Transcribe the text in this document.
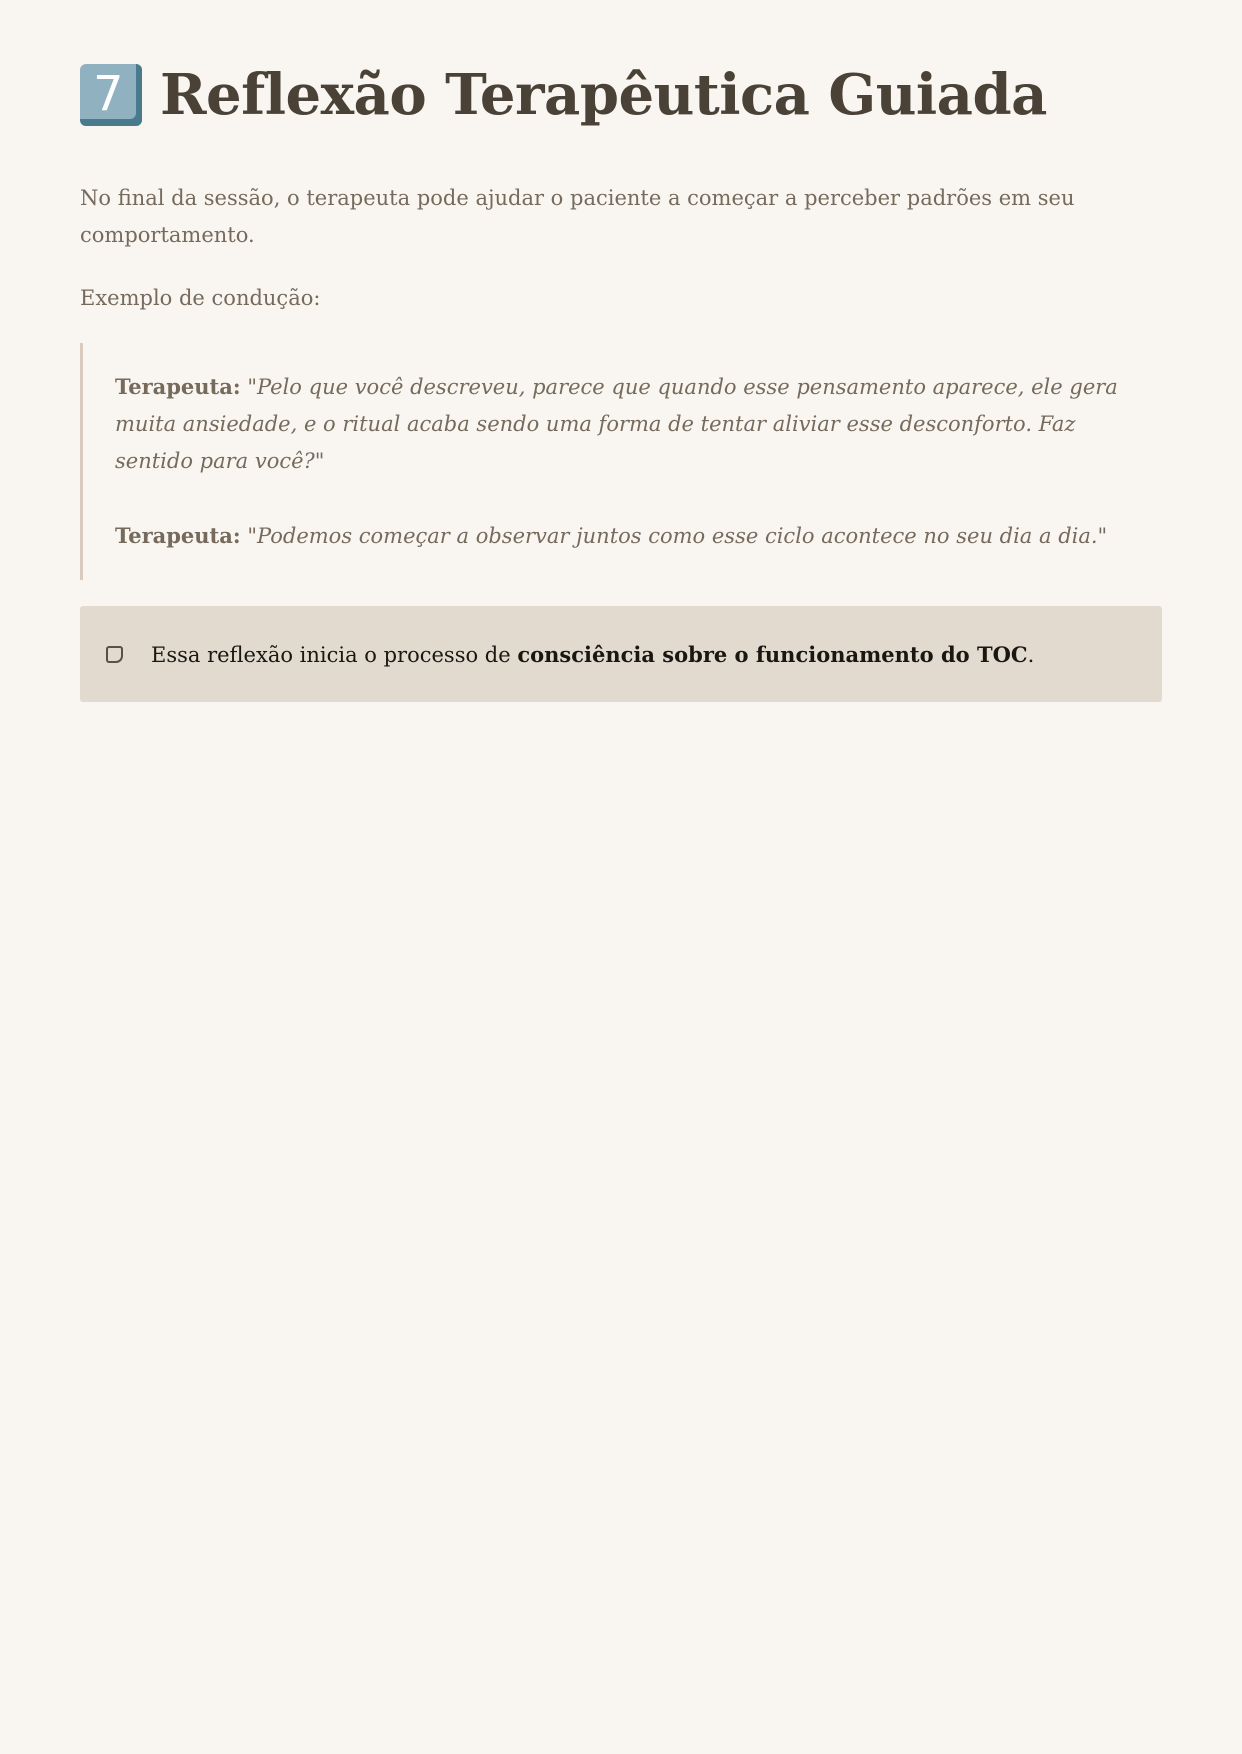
7 Reflexão Terapêutica Guiada

No final da sessão, o terapeuta pode ajudar o paciente a começar a perceber padrões em seu comportamento.

Exemplo de condução:

Terapeuta: "Pelo que você descreveu, parece que quando esse pensamento aparece, ele gera muita ansiedade, e o ritual acaba sendo uma forma de tentar aliviar esse desconforto. Faz sentido para você?"
Terapeuta: "Podemos começar a observar juntos como esse ciclo acontece no seu dia a dia."
Essa reflexão inicia o processo de consciência sobre o funcionamento do TOC.
